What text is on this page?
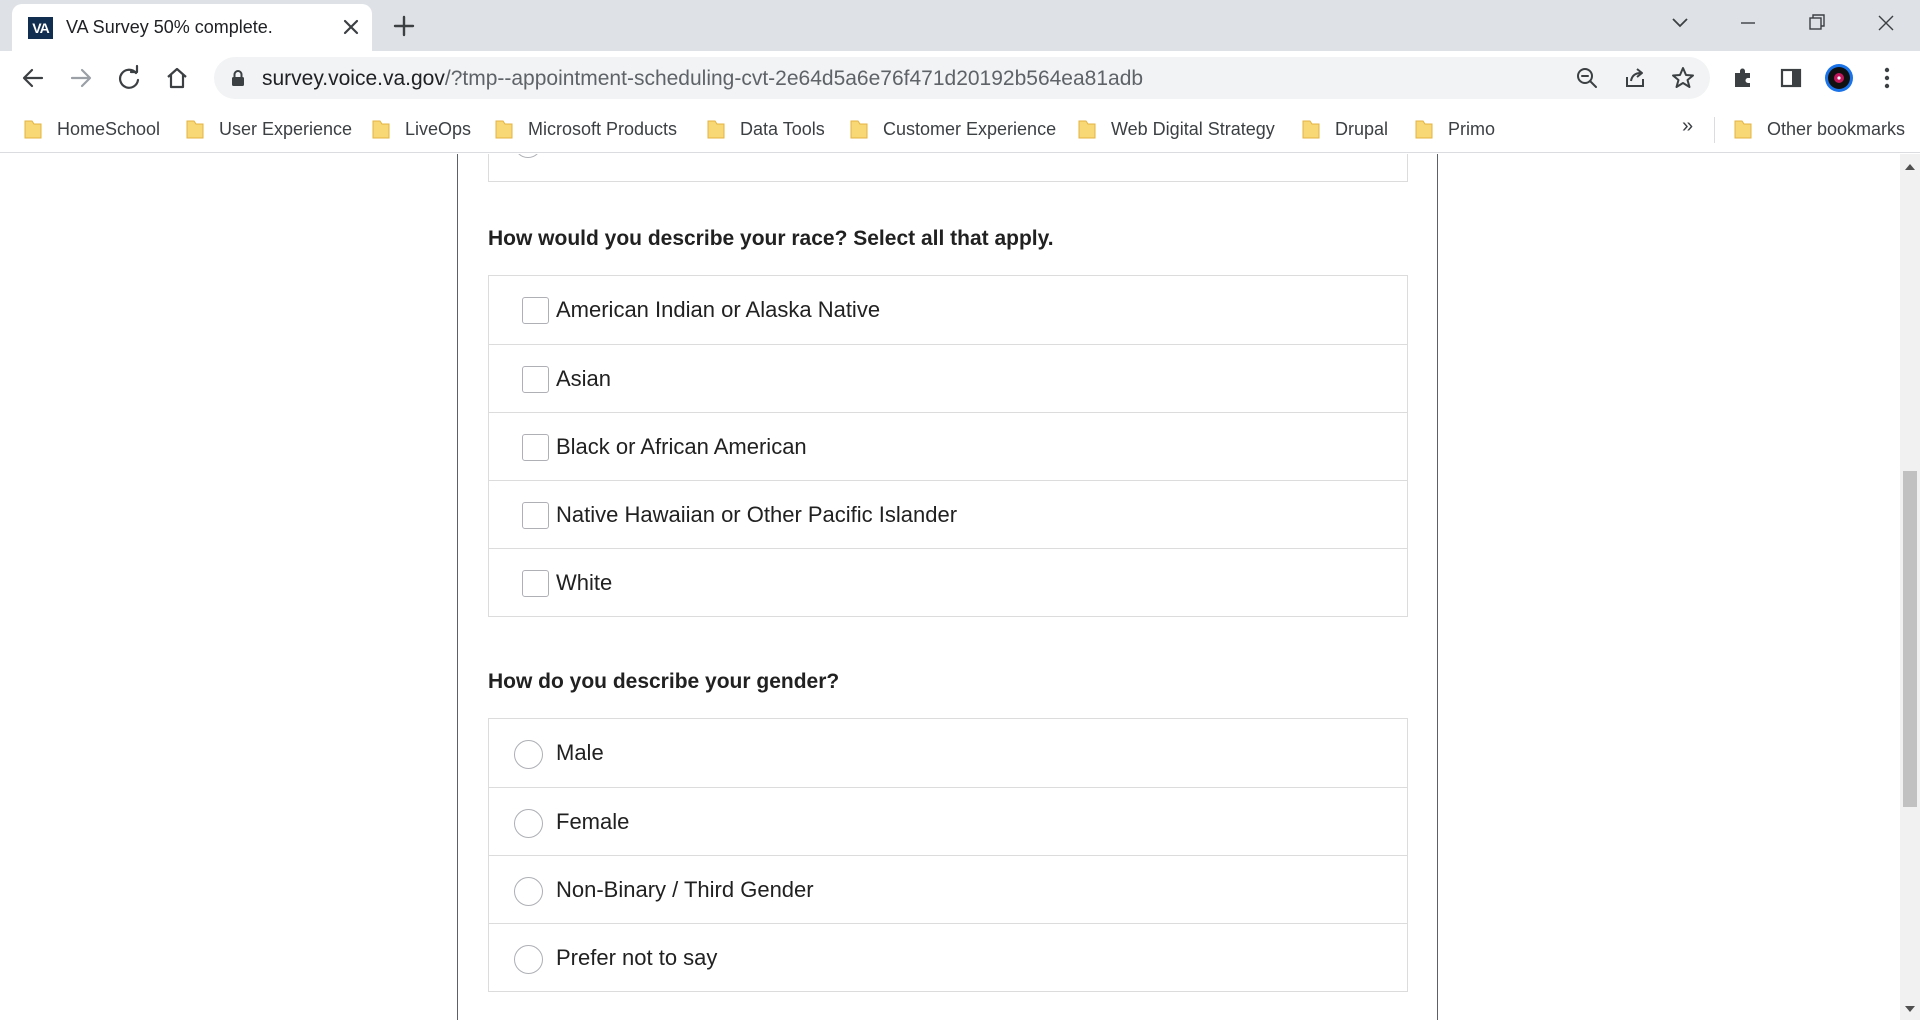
VA VA Survey 50% complete.
survey.voice.va.gov/?tmp--appointment-scheduling-cvt-2e64d5a6e76f471d20192b564ea81adb
HomeSchool	User Experience	LiveOps	Microsoft Products	Data Tools	Customer Experience	Web Digital Strategy	Drupal	Primo	»	Other bookmarks
How would you describe your race? Select all that apply.
American Indian or Alaska Native
Asian
Black or African American
Native Hawaiian or Other Pacific Islander
White
How do you describe your gender?
Male
Female
Non-Binary / Third Gender
Prefer not to say
